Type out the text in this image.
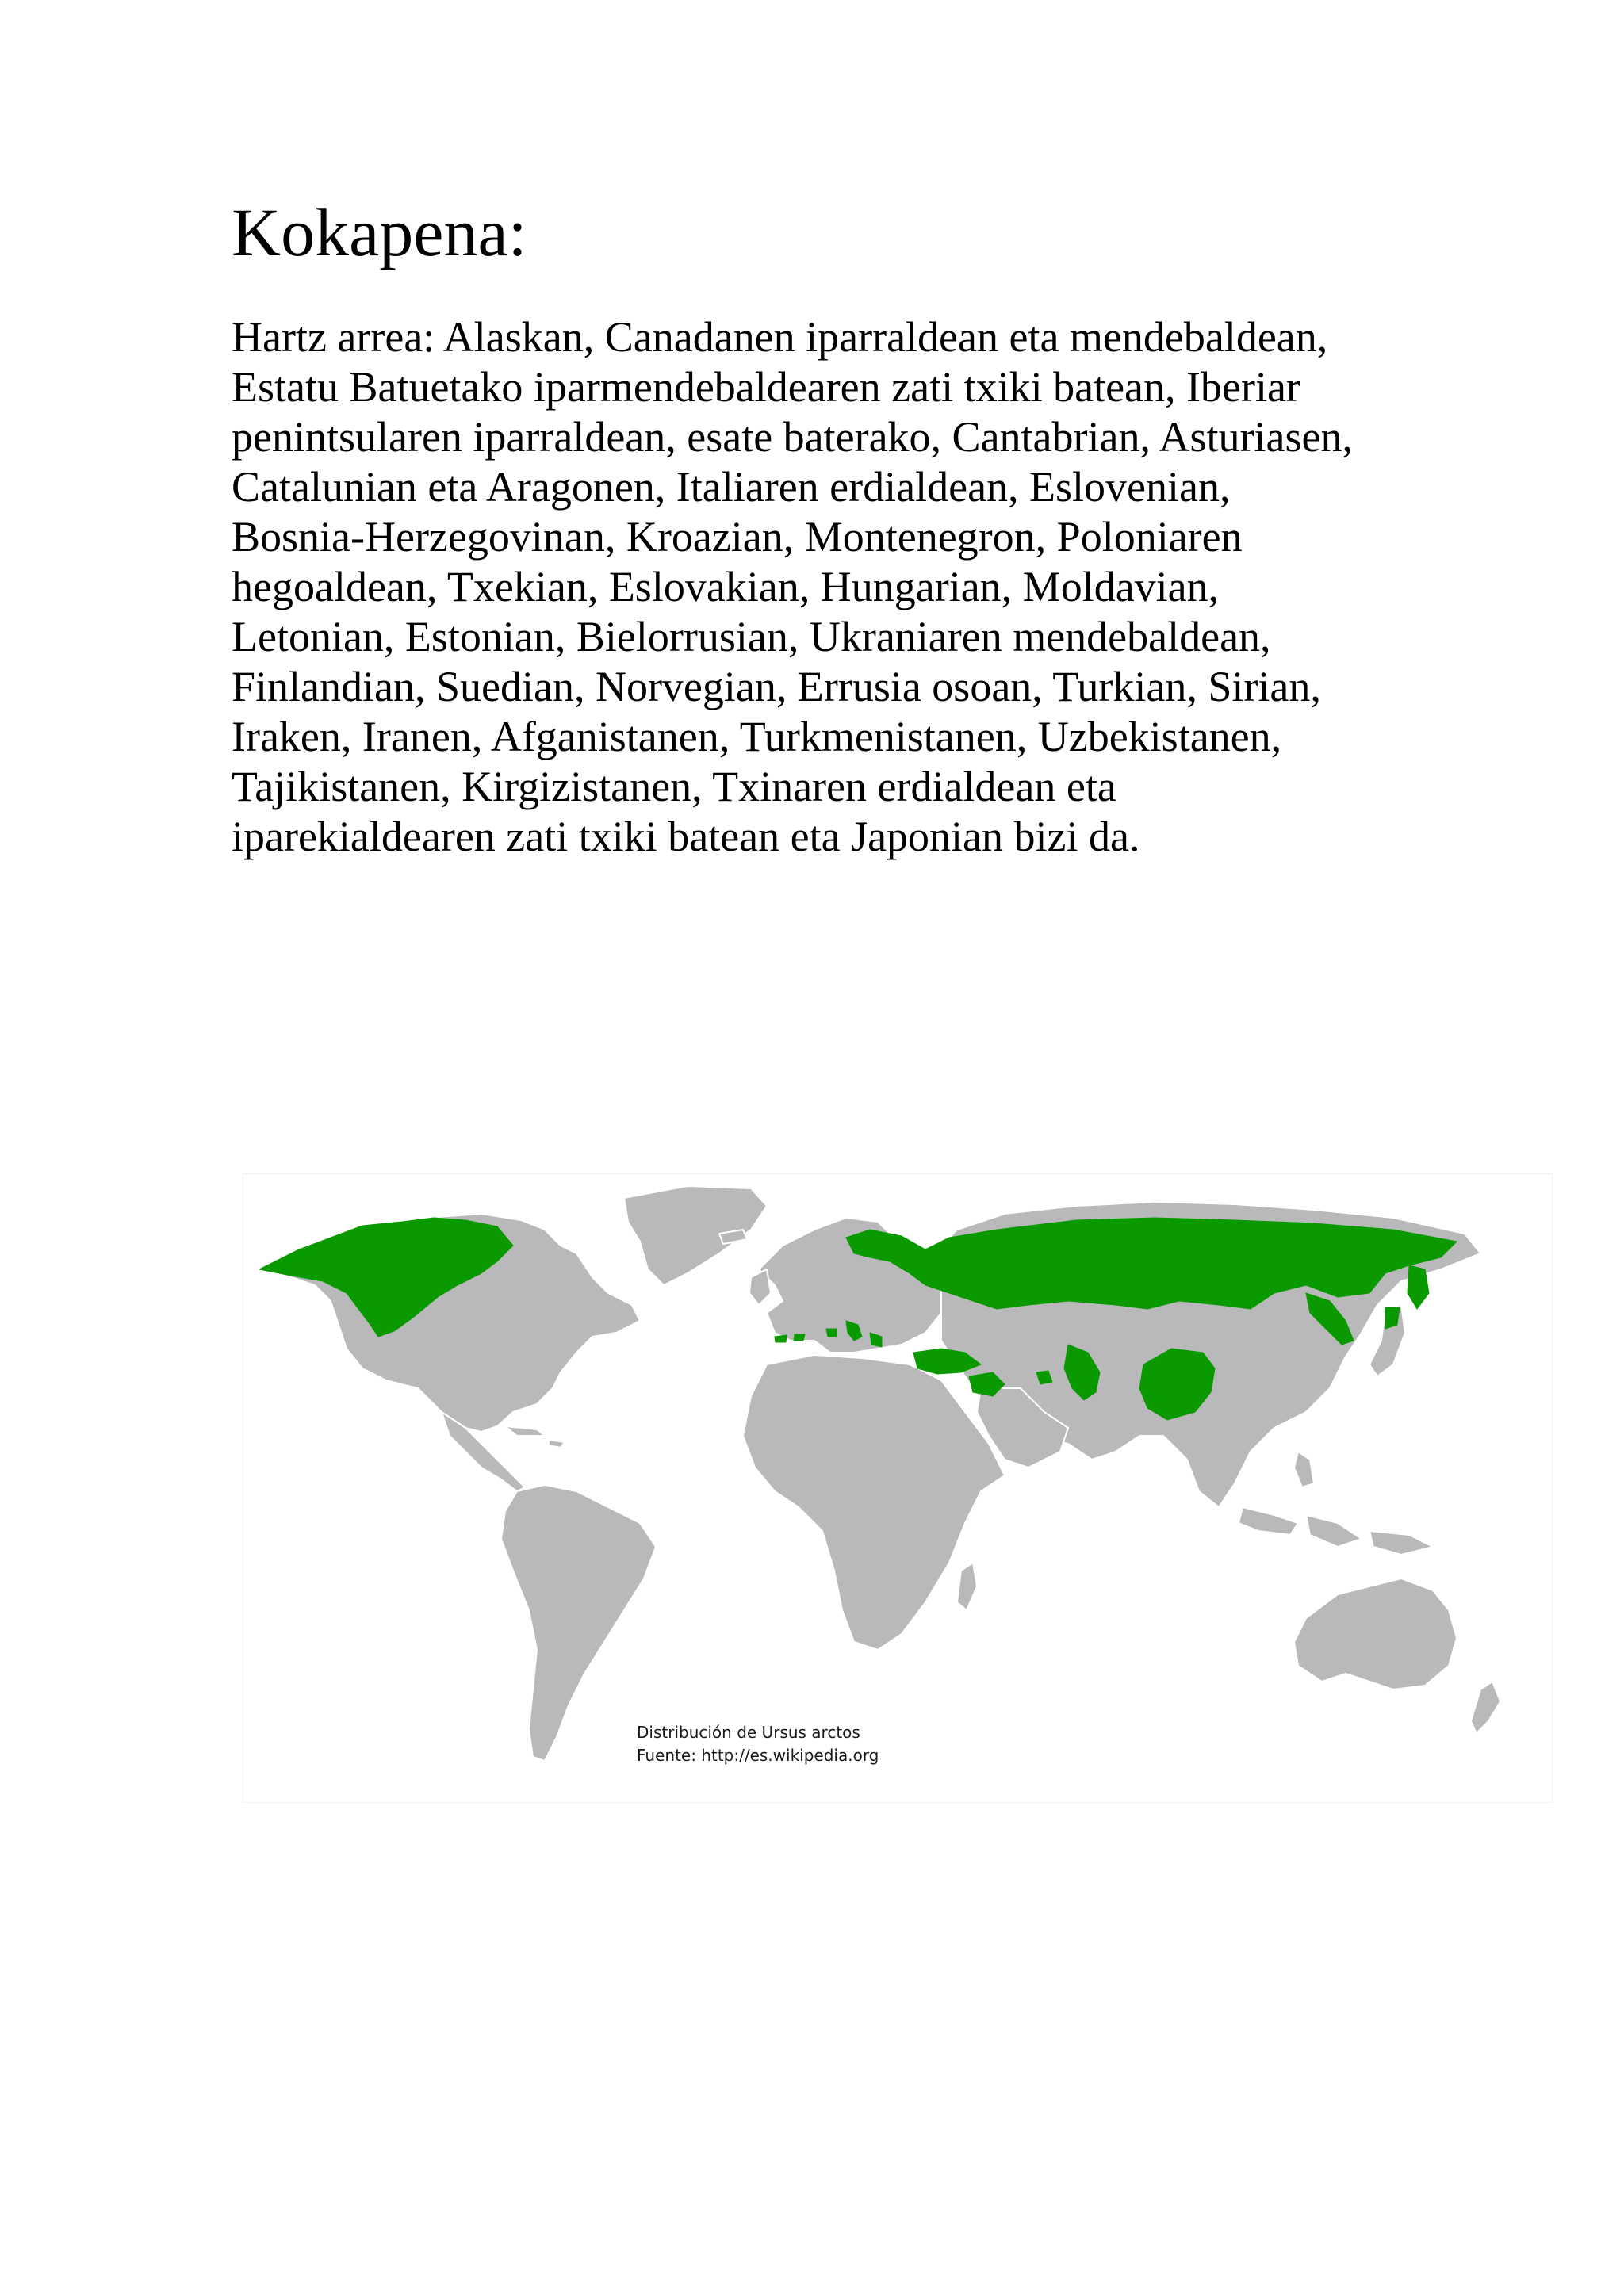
Kokapena:

Hartz arrea: Alaskan, Canadanen iparraldean eta mendebaldean,
Estatu Batuetako iparmendebaldearen zati txiki batean, Iberiar
penintsularen iparraldean, esate baterako, Cantabrian, Asturiasen,
Catalunian eta Aragonen, Italiaren erdialdean, Eslovenian,
Bosnia-Herzegovinan, Kroazian, Montenegron, Poloniaren
hegoaldean, Txekian, Eslovakian, Hungarian, Moldavian,
Letonian, Estonian, Bielorrusian, Ukraniaren mendebaldean,
Finlandian, Suedian, Norvegian, Errusia osoan, Turkian, Sirian,
Iraken, Iranen, Afganistanen, Turkmenistanen, Uzbekistanen,
Tajikistanen, Kirgizistanen, Txinaren erdialdean eta
iparekialdearen zati txiki batean eta Japonian bizi da.

Distribución de Ursus arctos
Fuente: http://es.wikipedia.org
